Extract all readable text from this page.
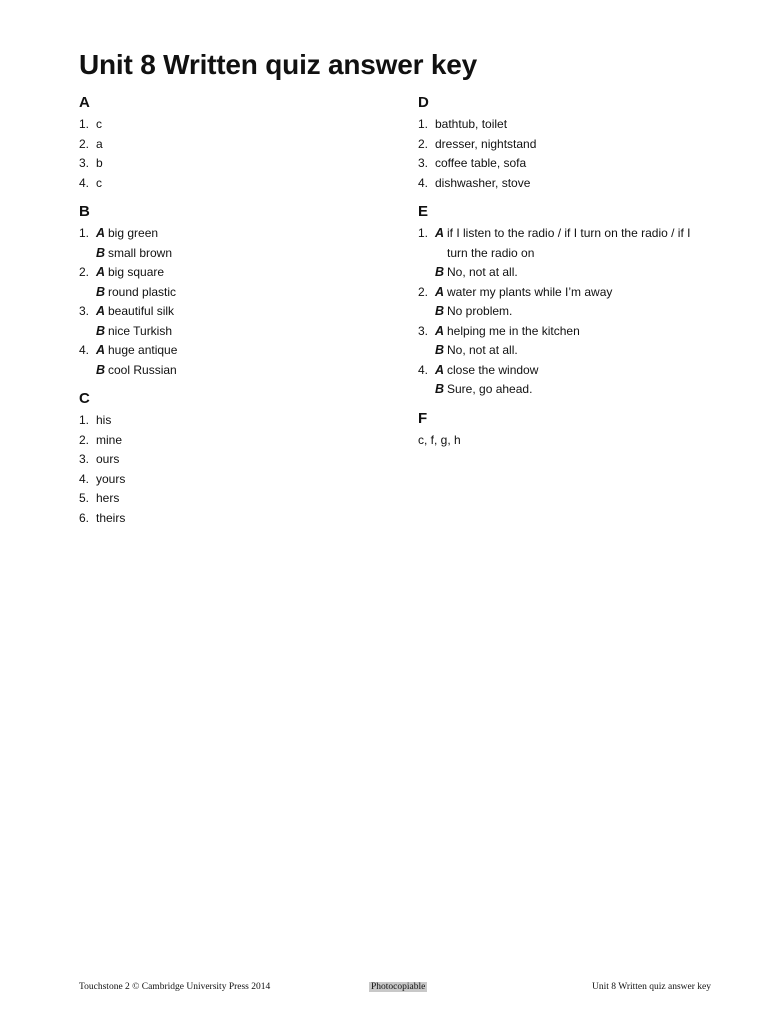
Unit 8 Written quiz answer key
A
1. c
2. a
3. b
4. c
B
1. A big green
B small brown
2. A big square
B round plastic
3. A beautiful silk
B nice Turkish
4. A huge antique
B cool Russian
C
1. his
2. mine
3. ours
4. yours
5. hers
6. theirs
D
1. bathtub, toilet
2. dresser, nightstand
3. coffee table, sofa
4. dishwasher, stove
E
1. A if I listen to the radio / if I turn on the radio / if I turn the radio on
B No, not at all.
2. A water my plants while I’m away
B No problem.
3. A helping me in the kitchen
B No, not at all.
4. A close the window
B Sure, go ahead.
F
c, f, g, h
Touchstone 2 © Cambridge University Press 2014	Photocopiable	Unit 8 Written quiz answer key
